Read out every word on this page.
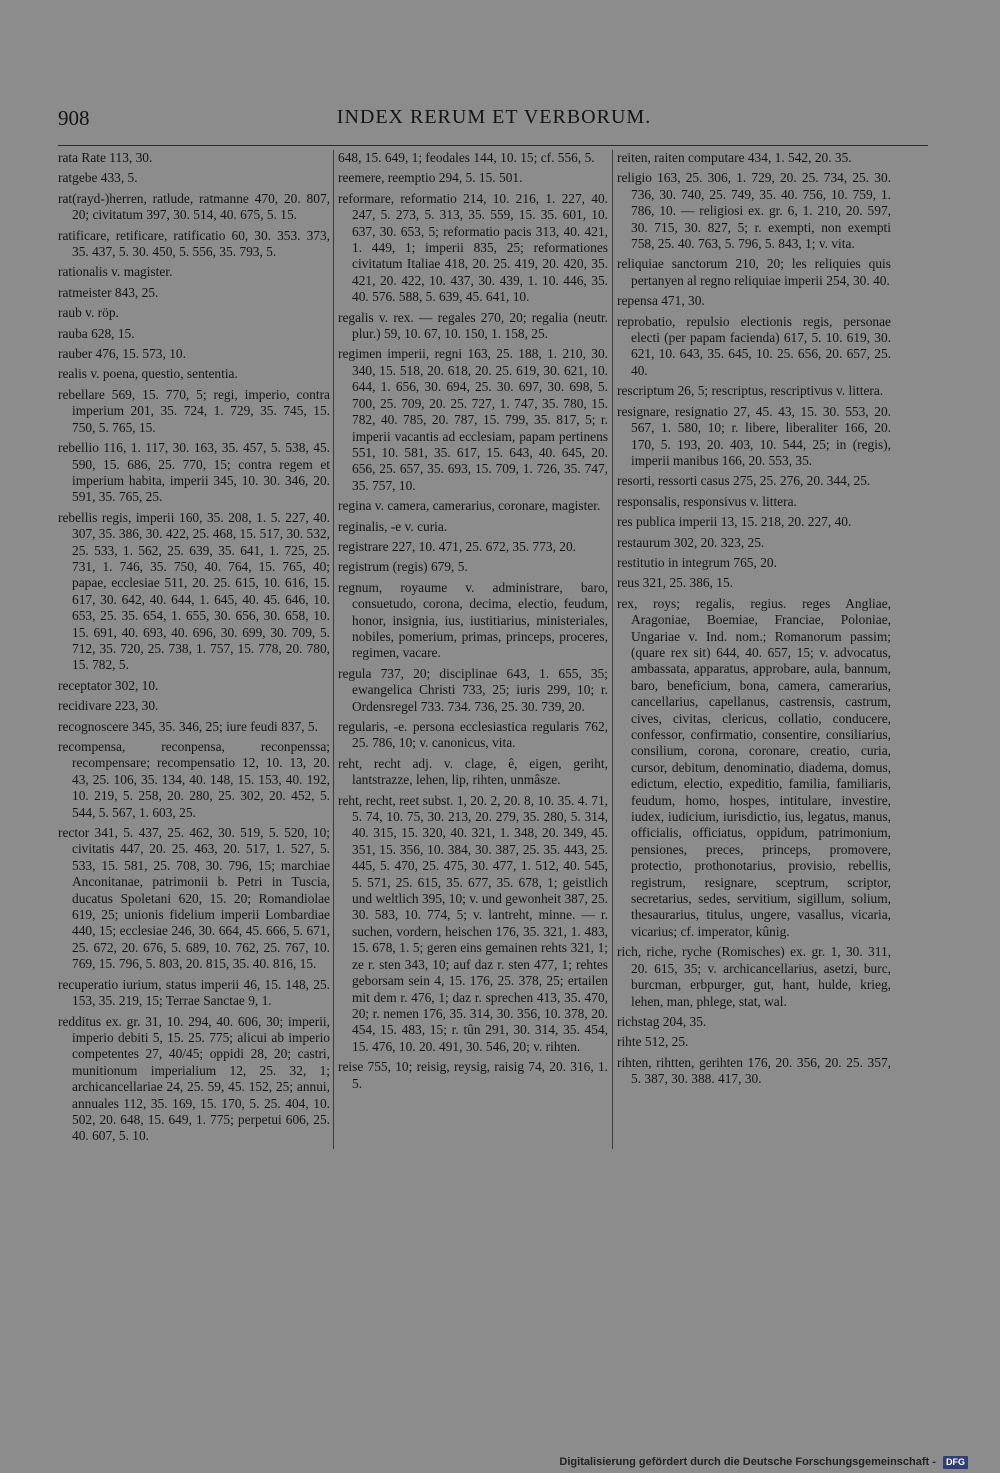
908	INDEX RERUM ET VERBORUM.

rata Rate 113, 30.

ratgebe 433, 5.

rat(rayd-)herren, ratlude, ratmanne 470, 20. 807, 20; civitatum 397, 30. 514, 40. 675, 5. 15.

ratificare, retificare, ratificatio 60, 30. 353. 373, 35. 437, 5. 30. 450, 5. 556, 35. 793, 5.

rationalis v. magister.

ratmeister 843, 25.

raub v. röp.

rauba 628, 15.

rauber 476, 15. 573, 10.

realis v. poena, questio, sententia.

rebellare 569, 15. 770, 5; regi, imperio, contra imperium 201, 35. 724, 1. 729, 35. 745, 15. 750, 5. 765, 15.

rebellio 116, 1. 117, 30. 163, 35. 457, 5. 538, 45. 590, 15. 686, 25. 770, 15; contra regem et imperium habita, imperii 345, 10. 30. 346, 20. 591, 35. 765, 25.

rebellis regis, imperii 160, 35. 208, 1. 5. 227, 40. 307, 35. 386, 30. 422, 25. 468, 15. 517, 30. 532, 25. 533, 1. 562, 25. 639, 35. 641, 1. 725, 25. 731, 1. 746, 35. 750, 40. 764, 15. 765, 40; papae, ecclesiae 511, 20. 25. 615, 10. 616, 15. 617, 30. 642, 40. 644, 1. 645, 40. 45. 646, 10. 653, 25. 35. 654, 1. 655, 30. 656, 30. 658, 10. 15. 691, 40. 693, 40. 696, 30. 699, 30. 709, 5. 712, 35. 720, 25. 738, 1. 757, 15. 778, 20. 780, 15. 782, 5.

receptator 302, 10.

recidivare 223, 30.

recognoscere 345, 35. 346, 25; iure feudi 837, 5.

recompensa, reconpensa, reconpenssa; recompensare; recompensatio 12, 10. 13, 20. 43, 25. 106, 35. 134, 40. 148, 15. 153, 40. 192, 10. 219, 5. 258, 20. 280, 25. 302, 20. 452, 5. 544, 5. 567, 1. 603, 25.

rector 341, 5. 437, 25. 462, 30. 519, 5. 520, 10; civitatis 447, 20. 25. 463, 20. 517, 1. 527, 5. 533, 15. 581, 25. 708, 30. 796, 15; marchiae Anconitanae, patrimonii b. Petri in Tuscia, ducatus Spoletani 620, 15. 20; Romandiolae 619, 25; unionis fidelium imperii Lombardiae 440, 15; ecclesiae 246, 30. 664, 45. 666, 5. 671, 25. 672, 20. 676, 5. 689, 10. 762, 25. 767, 10. 769, 15. 796, 5. 803, 20. 815, 35. 40. 816, 15.

recuperatio iurium, status imperii 46, 15. 148, 25. 153, 35. 219, 15; Terrae Sanctae 9, 1.

redditus ex. gr. 31, 10. 294, 40. 606, 30; imperii, imperio debiti 5, 15. 25. 775; alicui ab imperio competentes 27, 40/45; oppidi 28, 20; castri, munitionum imperialium 12, 25. 32, 1; archicancellariae 24, 25. 59, 45. 152, 25; annui, annuales 112, 35. 169, 15. 170, 5. 25. 404, 10. 502, 20. 648, 15. 649, 1. 775; perpetui 606, 25. 40. 607, 5. 10.

648, 15. 649, 1; feodales 144, 10. 15; cf. 556, 5.

reemere, reemptio 294, 5. 15. 501.

reformare, reformatio 214, 10. 216, 1. 227, 40. 247, 5. 273, 5. 313, 35. 559, 15. 35. 601, 10. 637, 30. 653, 5; reformatio pacis 313, 40. 421, 1. 449, 1; imperii 835, 25; reformationes civitatum Italiae 418, 20. 25. 419, 20. 420, 35. 421, 20. 422, 10. 437, 30. 439, 1. 10. 446, 35. 40. 576. 588, 5. 639, 45. 641, 10.

regalis v. rex. — regales 270, 20; regalia (neutr. plur.) 59, 10. 67, 10. 150, 1. 158, 25.

regimen imperii, regni 163, 25. 188, 1. 210, 30. 340, 15. 518, 20. 618, 20. 25. 619, 30. 621, 10. 644, 1. 656, 30. 694, 25. 30. 697, 30. 698, 5. 700, 25. 709, 20. 25. 727, 1. 747, 35. 780, 15. 782, 40. 785, 20. 787, 15. 799, 35. 817, 5; r. imperii vacantis ad ecclesiam, papam pertinens 551, 10. 581, 35. 617, 15. 643, 40. 645, 20. 656, 25. 657, 35. 693, 15. 709, 1. 726, 35. 747, 35. 757, 10.

regina v. camera, camerarius, coronare, magister.

reginalis, -e v. curia.

registrare 227, 10. 471, 25. 672, 35. 773, 20.

registrum (regis) 679, 5.

regnum, royaume v. administrare, baro, consuetudo, corona, decima, electio, feudum, honor, insignia, ius, iustitiarius, ministeriales, nobiles, pomerium, primas, princeps, proceres, regimen, vacare.

regula 737, 20; disciplinae 643, 1. 655, 35; ewangelica Christi 733, 25; iuris 299, 10; r. Ordensregel 733. 734. 736, 25. 30. 739, 20.

regularis, -e. persona ecclesiastica regularis 762, 25. 786, 10; v. canonicus, vita.

reht, recht adj. v. clage, ê, eigen, geriht, lantstrazze, lehen, lip, rihten, unmâsze.

reht, recht, reet subst. 1, 20. 2, 20. 8, 10. 35. 4. 71, 5. 74, 10. 75, 30. 213, 20. 279, 35. 280, 5. 314, 40. 315, 15. 320, 40. 321, 1. 348, 20. 349, 45. 351, 15. 356, 10. 384, 30. 387, 25. 35. 443, 25. 445, 5. 470, 25. 475, 30. 477, 1. 512, 40. 545, 5. 571, 25. 615, 35. 677, 35. 678, 1; geistlich und weltlich 395, 10; v. und gewonheit 387, 25. 30. 583, 10. 774, 5; v. lantreht, minne. — r. suchen, vordern, heischen 176, 35. 321, 1. 483, 15. 678, 1. 5; geren eins gemainen rehts 321, 1; ze r. sten 343, 10; auf daz r. sten 477, 1; rehtes geborsam sein 4, 15. 176, 25. 378, 25; ertailen mit dem r. 476, 1; daz r. sprechen 413, 35. 470, 20; r. nemen 176, 35. 314, 30. 356, 10. 378, 20. 454, 15. 483, 15; r. tûn 291, 30. 314, 35. 454, 15. 476, 10. 20. 491, 30. 546, 20; v. rihten.

reise 755, 10; reisig, reysig, raisig 74, 20. 316, 1. 5.

reiten, raiten computare 434, 1. 542, 20. 35.

religio 163, 25. 306, 1. 729, 20. 25. 734, 25. 30. 736, 30. 740, 25. 749, 35. 40. 756, 10. 759, 1. 786, 10. — religiosi ex. gr. 6, 1. 210, 20. 597, 30. 715, 30. 827, 5; r. exempti, non exempti 758, 25. 40. 763, 5. 796, 5. 843, 1; v. vita.

reliquiae sanctorum 210, 20; les reliquies quis pertanyen al regno reliquiae imperii 254, 30. 40.

repensa 471, 30.

reprobatio, repulsio electionis regis, personae electi (per papam facienda) 617, 5. 10. 619, 30. 621, 10. 643, 35. 645, 10. 25. 656, 20. 657, 25. 40.

rescriptum 26, 5; rescriptus, rescriptivus v. littera.

resignare, resignatio 27, 45. 43, 15. 30. 553, 20. 567, 1. 580, 10; r. libere, liberaliter 166, 20. 170, 5. 193, 20. 403, 10. 544, 25; in (regis), imperii manibus 166, 20. 553, 35.

resorti, ressorti casus 275, 25. 276, 20. 344, 25.

responsalis, responsivus v. littera.

res publica imperii 13, 15. 218, 20. 227, 40.

restaurum 302, 20. 323, 25.

restitutio in integrum 765, 20.

reus 321, 25. 386, 15.

rex, roys; regalis, regius. reges Angliae, Aragoniae, Boemiae, Franciae, Poloniae, Ungariae v. Ind. nom.; Romanorum passim; (quare rex sit) 644, 40. 657, 15; v. advocatus, ambassata, apparatus, approbare, aula, bannum, baro, beneficium, bona, camera, camerarius, cancellarius, capellanus, castrensis, castrum, cives, civitas, clericus, collatio, conducere, confessor, confirmatio, consentire, consiliarius, consilium, corona, coronare, creatio, curia, cursor, debitum, denominatio, diadema, domus, edictum, electio, expeditio, familia, familiaris, feudum, homo, hospes, intitulare, investire, iudex, iudicium, iurisdictio, ius, legatus, manus, officialis, officiatus, oppidum, patrimonium, pensiones, preces, princeps, promovere, protectio, prothonotarius, provisio, rebellis, registrum, resignare, sceptrum, scriptor, secretarius, sedes, servitium, sigillum, solium, thesaurarius, titulus, ungere, vasallus, vicaria, vicarius; cf. imperator, kûnig.

rich, riche, ryche (Romisches) ex. gr. 1, 30. 311, 20. 615, 35; v. archicancellarius, asetzi, burc, burcman, erbpurger, gut, hant, hulde, krieg, lehen, man, phlege, stat, wal.

richstag 204, 35.

rihte 512, 25.

rihten, rihtten, gerihten 176, 20. 356, 20. 25. 357, 5. 387, 30. 388. 417, 30.

Digitalisierung gefördert durch die Deutsche Forschungsgemeinschaft - DFG
